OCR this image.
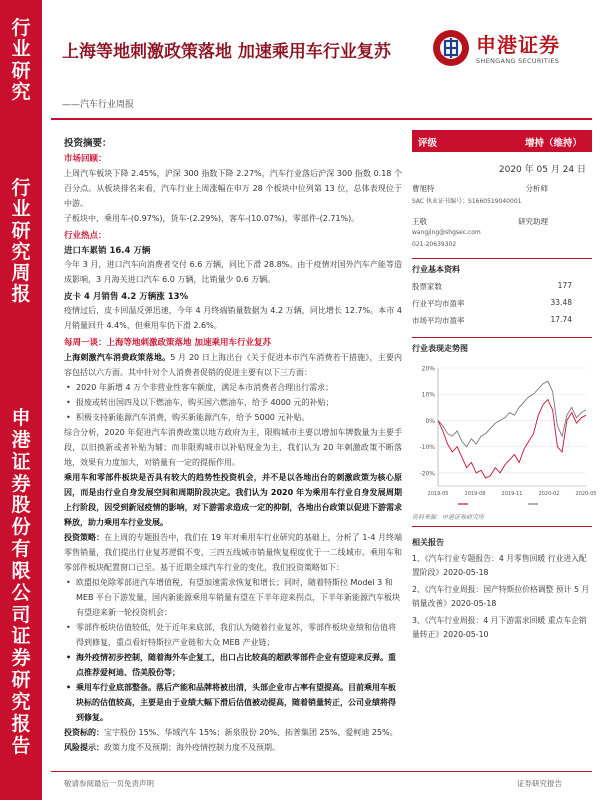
行
业
研
究
行
业
研
究
周
报
申
港
证
券
股
份
有
限
公
司
证
券
研
究
报
告
上海等地刺激政策落地 加速乘用车行业复苏
——汽车行业周报
申港证券
SHENGANG SECURITIES
投资摘要：
市场回顾：
上周汽车板块下降 2.45%，沪深 300 指数下降 2.27%，汽车行业落后沪深 300 指数 0.18 个百分点。从板块排名来看，汽车行业上周涨幅在申万 28 个板块中位列第 13 位，总体表现位于中游。
子板块中，乘用车-(0.97%)，货车-(2.29%)，客车-(10.07%)，零部件-(2.71%)。
行业热点：
进口车累销 16.4 万辆
今年 3 月，进口汽车向消费者交付 6.6 万辆，同比下滑 28.8%。由于疫情对国外汽车产能等造成影响，3 月海关进口汽车 6.0 万辆，比销量少 0.6 万辆。
皮卡 4 月销售 4.2 万辆涨 13%
疫情过后，皮卡回温反弹迅速，今年 4 月终端销量数据为 4.2 万辆，同比增长 12.7%。本市 4 月销量回升 4.4%，但乘用车仍下滑 2.6%。
每周一谈：上海等地刺激政策落地 加速乘用车行业复苏
上海刺激汽车消费政策落地。5 月 20 日上海出台《关于促进本市汽车消费若干措施》，主要内容包括以六方面。其中针对个人消费者促销的促进主要有以下三方面：
• 2020 年新增 4 万个非营业性客车额度，满足本市消费者合理出行需求；
• 报废或转出国四及以下燃油车，购买国六燃油车，给予 4000 元的补贴；
• 积极支持新能源汽车消费，购买新能源汽车，给予 5000 元补贴。
综合分析，2020 年促进汽车消费政策以地方政府为主，限购城市主要以增加车牌数量为主要手段，以旧换新或者补贴为辅；而非限购城市以补贴现金为主，我们认为 20 年刺激政策不断落地，效果有力度加大，对销量有一定的提振作用。
乘用车和零部件板块是否具有较大的趋势性投资机会，并不是以各地出台的刺激政策为核心原因，而是由行业自身发展空间和周期阶段决定。我们认为 2020 年为乘用车行业自身发展周期上行阶段，因受到新冠疫情的影响，对下游需求造成一定的抑制，各地出台政策以促进下游需求释放，助力乘用车行业发展。
投资策略：在上周的专题报告中，我们在 19 年对乘用车行业研究的基础上，分析了 1-4 月终端零售销量，我们提出行业复苏逻辑不变，三四五线城市销量恢复程度优于一二线城市。乘用车和零部件板块配置窗口已至。基于近期全球汽车行业的变化，我们投资策略如下：
• 欧盟拟免除零部进汽车增值税，有望加速需求恢复和增长；同时，随着特斯拉 Model 3 和 MEB 平台下游发量，国内新能源乘用车销量有望在下半年迎来拐点，下半年新能源汽车板块有望迎来新一轮投资机会：
• 零部件板块估值较低，处于近年来底部，我们认为随着行业复苏，零部件板块业绩和估值将得到修复，重点看好特斯拉产业链和大众 MEB 产业链；
• 海外疫情初步控制，随着海外车企复工，出口占比较高的超跌零部件企业有望迎来反弹。重点推荐爱柯迪、岱美股份等；
• 乘用车行业底部整备。落后产能和品牌将被出清，头部企业市占率有望提高。目前乘用车板块标的估值较高，主要是由于业绩大幅下滑后估值被动提高，随着销量转正，公司业绩将得到修复。
投资标的：宝宇股份 15%、华域汽车 15%；新泉股份 20%、拓普集团 25%、爱柯迪 25%。
风险提示：政策力度不及预期；海外疫情控制力度不及预期。
评级	增持（维持）
2020 年 05 月 24 日
曹旭特	分析师
SAC 执业证书编号：S1660519040001
王敬	研究助理
wangjing@shgsec.com
021-20639302
行业基本资料
股票家数	177
行业平均市盈率	33.48
市场平均市盈率	17.74
行业表现走势图
20%
10%
0%
-10%
-20%
2019-05	2019-08	2019-11	2020-02	2020-05
资料来源：申港证券研究所
相关报告
1、《汽车行业专题报告：4 月零售回暖 行业进入配置阶段》2020-05-18
2、《汽车行业周报：国产特斯拉价格调整 预计 5 月销量改善》2020-05-18
3、《汽车行业周报：4 月下游需求回暖 重点车企销量转正》2020-05-10
敬请参阅最后一页免责声明	证券研究报告
